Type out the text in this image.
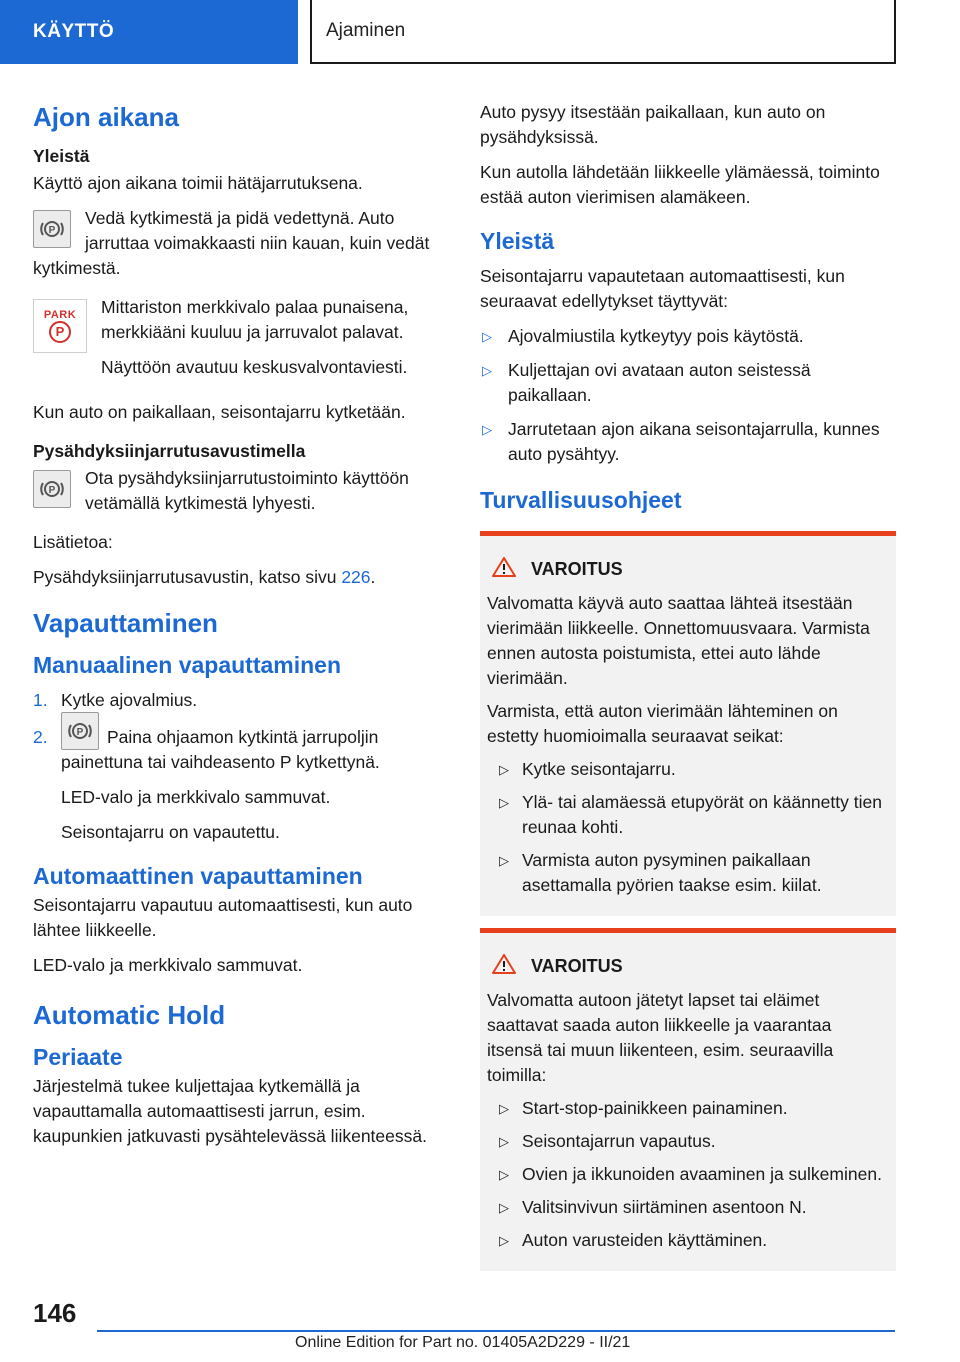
KÄYTTÖ	Ajaminen
Ajon aikana
Yleistä

Käyttö ajon aikana toimii hätäjarrutuksena.

P
Vedä kytkimestä ja pidä vedettynä. Auto jarruttaa voimakkaasti niin kauan, kuin vedät kytkimestä.
PARK
P

Mittariston merkkivalo palaa punaisena, merkkiääni kuuluu ja jarruvalot palavat.

Näyttöön avautuu keskusvalvontaviesti.

Kun auto on paikallaan, seisontajarru kytketään.

Pysähdyksiinjarrutusavustimella
P
Ota pysähdyksiinjarrutustoiminto käyttöön vetämällä kytkimestä lyhyesti.

Lisätietoa:

Pysähdyksiinjarrutusavustin, katso sivu 226.

Vapauttaminen
Manuaalinen vapauttaminen
1. Kytke ajovalmius.
2.	P Paina ohjaamon kytkintä jarrupoljin painettuna tai vaihdeasento P kytkettynä.

LED-valo ja merkkivalo sammuvat.

Seisontajarru on vapautettu.

Automaattinen vapauttaminen

Seisontajarru vapautuu automaattisesti, kun auto lähtee liikkeelle.

LED-valo ja merkkivalo sammuvat.

Automatic Hold
Periaate

Järjestelmä tukee kuljettajaa kytkemällä ja vapauttamalla automaattisesti jarrun, esim. kaupunkien jatkuvasti pysähtelevässä liikenteessä.

Auto pysyy itsestään paikallaan, kun auto on pysähdyksissä.

Kun autolla lähdetään liikkeelle ylämäessä, toiminto estää auton vierimisen alamäkeen.

Yleistä

Seisontajarru vapautetaan automaattisesti, kun seuraavat edellytykset täyttyvät:

▷ Ajovalmiustila kytkeytyy pois käytöstä.
▷ Kuljettajan ovi avataan auton seistessä paikallaan.
▷ Jarrutetaan ajon aikana seisontajarrulla, kunnes auto pysähtyy.
Turvallisuusohjeet
VAROITUS

Valvomatta käyvä auto saattaa lähteä itsestään vierimään liikkeelle. Onnettomuusvaara. Varmista ennen autosta poistumista, ettei auto lähde vierimään.

Varmista, että auton vierimään lähteminen on estetty huomioimalla seuraavat seikat:

▷ Kytke seisontajarru.
▷ Ylä- tai alamäessä etupyörät on käännetty tien reunaa kohti.
▷ Varmista auton pysyminen paikallaan asettamalla pyörien taakse esim. kiilat.
VAROITUS

Valvomatta autoon jätetyt lapset tai eläimet saattavat saada auton liikkeelle ja vaarantaa itsensä tai muun liikenteen, esim. seuraavilla toimilla:

▷ Start-stop-painikkeen painaminen.
▷ Seisontajarrun vapautus.
▷ Ovien ja ikkunoiden avaaminen ja sulkeminen.
▷ Valitsinvivun siirtäminen asentoon N.
▷ Auton varusteiden käyttäminen.
146
Online Edition for Part no. 01405A2D229 - II/21
